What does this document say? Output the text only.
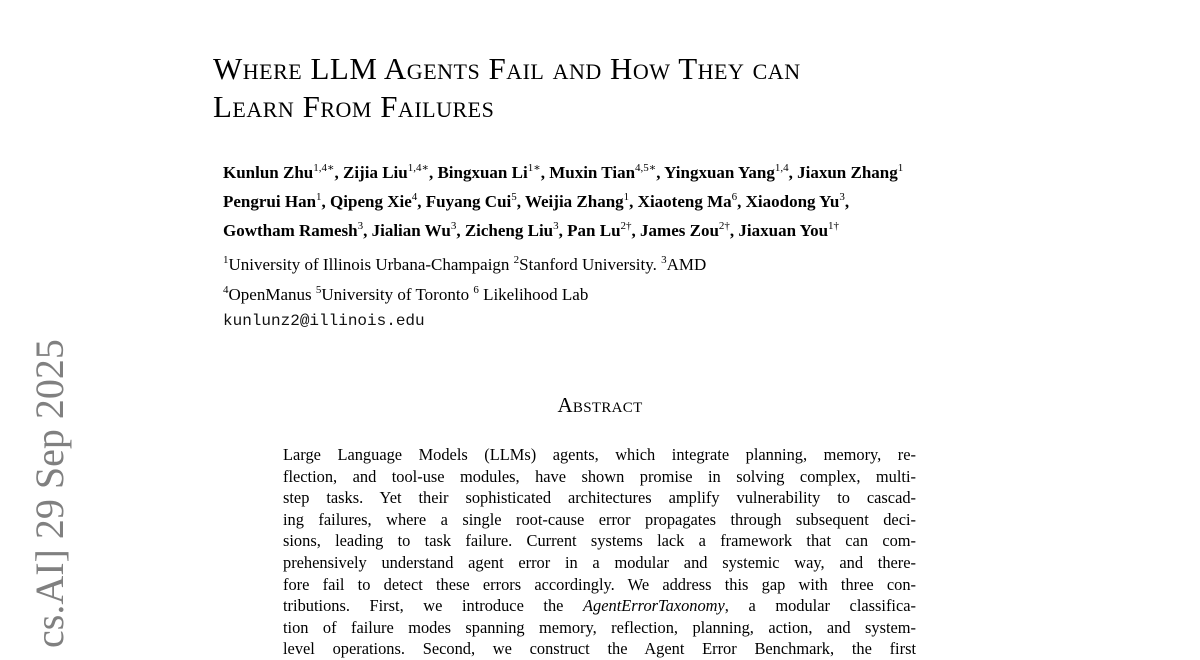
cs.AI] 29 Sep 2025
Where LLM Agents Fail and How They can
Learn From Failures
Kunlun Zhu$^{1,4∗}$, Zijia Liu$^{1,4∗}$, Bingxuan $Li^{1∗}$, Muxin Tian$^{4,5∗}$, Yingxuan Yang$^{1,4}$, Jiaxun Zhang$^1$
Pengrui Han$^1$, Qipeng Xie$^4$, Fuyang Cui$^5$, Weijia Zhang$^1$, Xiaoteng Ma$^6$, Xiaodong Yu$^3$,
Gowtham Ramesh$^3$, Jialian Wu$^3$, Zicheng Liu$^3$, Pan $Lu^{2\dagger}$, James Zou$^{2\dagger}$, Jiaxuan You$^{1\dagger}$
$^1$University of Illinois Urbana-Champaign $^2$Stanford University. $^3$AMD
$^4$OpenManus $^5$University of Toronto $^6$ Likelihood Lab
kunlunz2@illinois.edu
Abstract
Large Language Models (LLMs) agents, which integrate planning, memory, re-
flection, and tool-use modules, have shown promise in solving complex, multi-
step tasks. Yet their sophisticated architectures amplify vulnerability to cascad-
ing failures, where a single root-cause error propagates through subsequent deci-
sions, leading to task failure. Current systems lack a framework that can com-
prehensively understand agent error in a modular and systemic way, and there-
fore fail to detect these errors accordingly. We address this gap with three con-
tributions. First, we introduce the AgentErrorTaxonomy, a modular classifica-
tion of failure modes spanning memory, reflection, planning, action, and system-
level operations. Second, we construct the Agent Error Benchmark, the first
